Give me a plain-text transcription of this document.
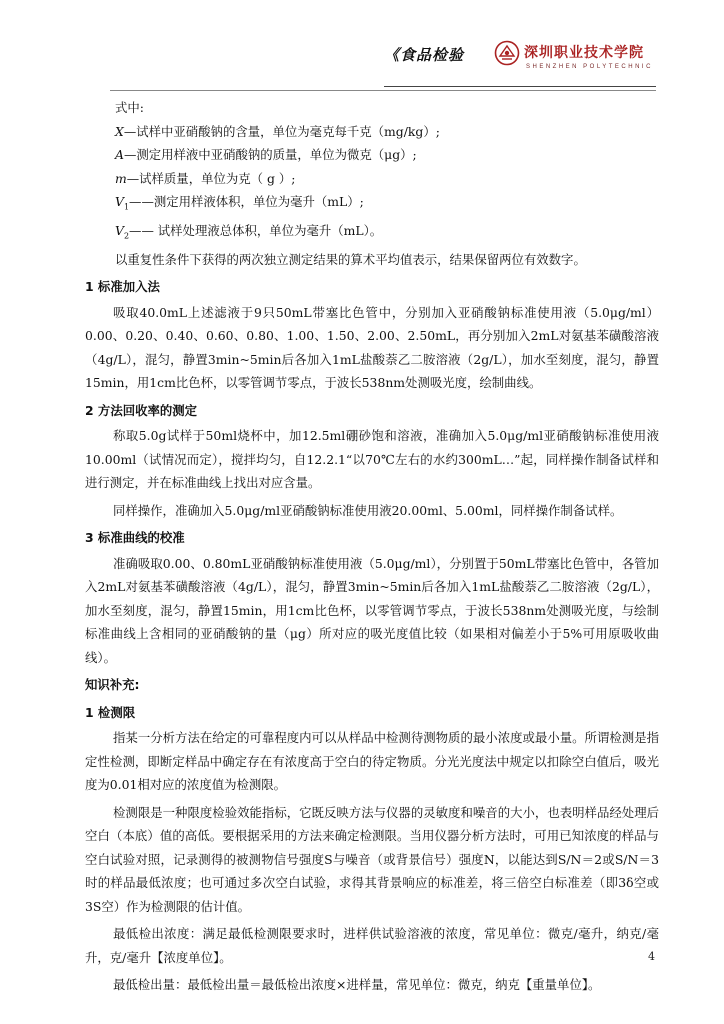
《食品检验	深圳职业技术学院
SHENZHEN POLYTECHNIC

式中:

X—试样中亚硝酸钠的含量，单位为毫克每千克（mg/kg）;

A—测定用样液中亚硝酸钠的质量，单位为微克（μg）;

m—试样质量，单位为克（ g ）;

$V_1——$测定用样液体积，单位为毫升（mL）;

$V_2——$ 试样处理液总体积，单位为毫升（mL）。

以重复性条件下获得的两次独立测定结果的算术平均值表示，结果保留两位有效数字。

1 标准加入法

吸取40.0mL上述滤液于9只50mL带塞比色管中，分别加入亚硝酸钠标准使用液（5.0μg/ml）0.00、0.20、0.40、0.60、0.80、1.00、1.50、2.00、2.50mL，再分别加入2mL对氨基苯磺酸溶液（4g/L），混匀，静置3min~5min后各加入1mL盐酸萘乙二胺溶液（2g/L），加水至刻度，混匀，静置15min，用1cm比色杯，以零管调节零点，于波长538nm处测吸光度，绘制曲线。

2 方法回收率的测定

称取5.0g试样于50ml烧杯中，加12.5ml硼砂饱和溶液，准确加入5.0μg/ml亚硝酸钠标准使用液10.00ml（试情况而定），搅拌均匀，自12.2.1“以70℃左右的水约300mL…”起，同样操作制备试样和进行测定，并在标准曲线上找出对应含量。

同样操作，准确加入5.0μg/ml亚硝酸钠标准使用液20.00ml、5.00ml，同样操作制备试样。

3 标准曲线的校准

准确吸取0.00、0.80mL亚硝酸钠标准使用液（5.0μg/ml），分别置于50mL带塞比色管中，各管加入2mL对氨基苯磺酸溶液（4g/L），混匀，静置3min~5min后各加入1mL盐酸萘乙二胺溶液（2g/L），加水至刻度，混匀，静置15min，用1cm比色杯，以零管调节零点，于波长538nm处测吸光度，与绘制标准曲线上含相同的亚硝酸钠的量（μg）所对应的吸光度值比较（如果相对偏差小于5%可用原吸收曲线）。

知识补充:
1 检测限

指某一分析方法在给定的可靠程度内可以从样品中检测待测物质的最小浓度或最小量。所谓检测是指定性检测，即断定样品中确定存在有浓度高于空白的待定物质。分光光度法中规定以扣除空白值后，吸光度为0.01相对应的浓度值为检测限。

检测限是一种限度检验效能指标，它既反映方法与仪器的灵敏度和噪音的大小，也表明样品经处理后空白（本底）值的高低。要根据采用的方法来确定检测限。当用仪器分析方法时，可用已知浓度的样品与空白试验对照，记录测得的被测物信号强度S与噪音（或背景信号）强度N，以能达到S/N＝2或S/N＝3时的样品最低浓度；也可通过多次空白试验，求得其背景响应的标准差，将三倍空白标准差（即3δ空或3S空）作为检测限的估计值。

最低检出浓度：满足最低检测限要求时，进样供试验溶液的浓度，常见单位：微克/毫升，纳克/毫升，克/毫升【浓度单位】。

最低检出量：最低检出量＝最低检出浓度×进样量，常见单位：微克，纳克【重量单位】。

4
